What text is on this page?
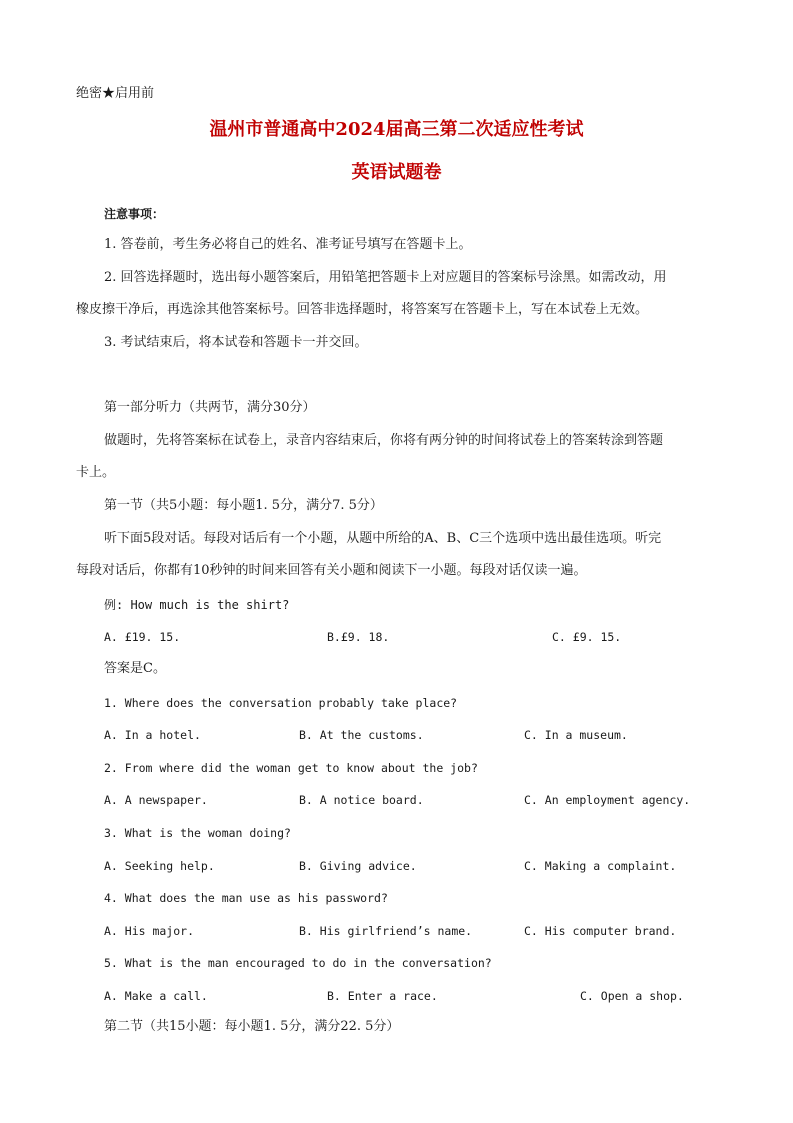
绝密★启用前
温州市普通高中2024届高三第二次适应性考试
英语试题卷
注意事项：
1. 答卷前，考生务必将自己的姓名、准考证号填写在答题卡上。
2. 回答选择题时，选出每小题答案后，用铅笔把答题卡上对应题目的答案标号涂黑。如需改动，用
橡皮擦干净后，再选涂其他答案标号。回答非选择题时，将答案写在答题卡上，写在本试卷上无效。
3. 考试结束后，将本试卷和答题卡一并交回。
第一部分听力（共两节，满分30分）
做题时，先将答案标在试卷上，录音内容结束后，你将有两分钟的时间将试卷上的答案转涂到答题
卡上。
第一节（共5小题：每小题1. 5分，满分7. 5分）
听下面5段对话。每段对话后有一个小题，从题中所给的A、B、C三个选项中选出最佳选项。听完
每段对话后，你都有10秒钟的时间来回答有关小题和阅读下一小题。每段对话仅读一遍。
例: How much is the shirt?
A. £19. 15.	B.£9. 18.	C. £9. 15.
答案是C。
1. Where does the conversation probably take place?
A. In a hotel.	B. At the customs.	C. In a museum.
2. From where did the woman get to know about the job?
A. A newspaper.	B. A notice board.	C. An employment agency.
3. What is the woman doing?
A. Seeking help.	B. Giving advice.	C. Making a complaint.
4. What does the man use as his password?
A. His major.	B. His girlfriend’s name.	C. His computer brand.
5. What is the man encouraged to do in the conversation?
A. Make a call.	B. Enter a race.	C. Open a shop.
第二节（共15小题：每小题1. 5分，满分22. 5分）
